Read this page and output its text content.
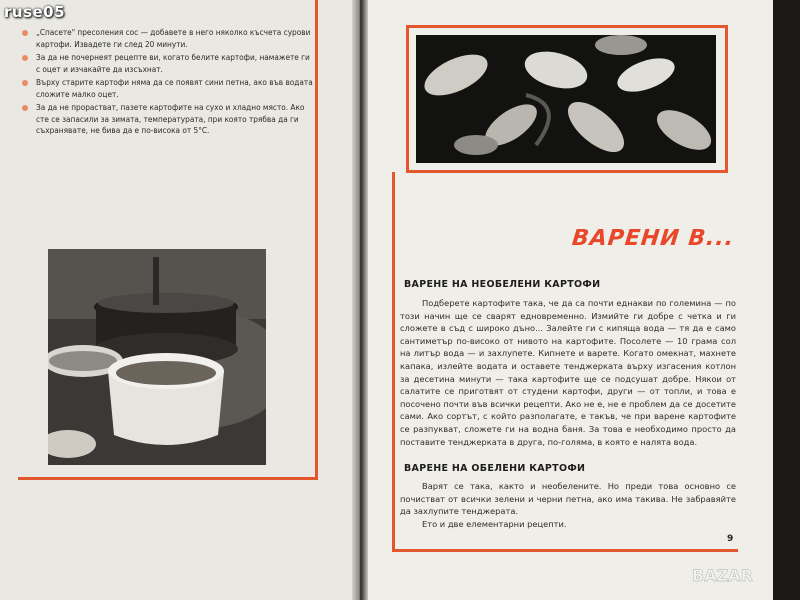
ruse05
„Спасете" пресоления сос — добавете в него няколко късчета сурови картофи. Извадете ги след 20 минути.
За да не почернеят рецепте ви, когато белите картофи, намажете ги с оцет и изчакайте да изсъхнат.
Върху старите картофи няма да се появят сини петна, ако във водата сложите малко оцет.
За да не прорастват, пазете картофите на сухо и хладно място. Ако сте се запасили за зимата, температурата, при която трябва да ги съхранявате, не бива да е по-висока от 5°С.
ВАРЕНИ В...
ВАРЕНЕ НА НЕОБЕЛЕНИ КАРТОФИ

Подберете картофите така, че да са почти еднакви по големина — по този начин ще се сварят едновременно. Измийте ги добре с четка и ги сложете в съд с широко дъно... Залейте ги с кипяща вода — тя да е само сантиметър по-високо от нивото на картофите. Посолете — 10 грама сол на литър вода — и захлупете. Кипнете и варете. Когато омекнат, махнете капака, излейте водата и оставете тенджерката върху изгасения котлон за десетина минути — така картофите ще се подсушат добре. Някои от салатите се приготвят от студени картофи, други — от топли, и това е посочено почти във всички рецепти. Ако не е, не е проблем да се досетите сами. Ако сортът, с който разполагате, е такъв, че при варене картофите се разпукват, сложете ги на водна баня. За това е необходимо просто да поставите тенджерката в друга, по-голяма, в която е налята вода.

ВАРЕНЕ НА ОБЕЛЕНИ КАРТОФИ

Варят се така, както и необелените. Но преди това основно се почистват от всички зелени и черни петна, ако има такива. Не забравяйте да захлупите тенджерата.

Ето и две елементарни рецепти.

9
BAZAR
